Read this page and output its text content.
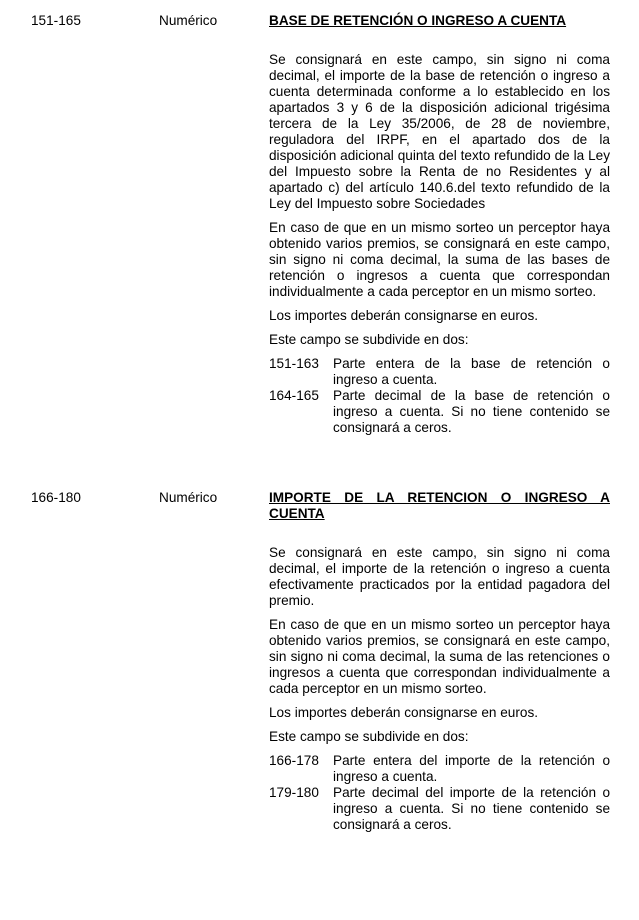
151-165	Numérico	BASE DE RETENCIÓN O INGRESO A CUENTA

Se consignará en este campo, sin signo ni coma decimal, el importe de la base de retención o ingreso a cuenta determinada conforme a lo establecido en los apartados 3 y 6 de la disposición adicional trigésima tercera de la Ley 35/2006, de 28 de noviembre, reguladora del IRPF, en el apartado dos de la disposición adicional quinta del texto refundido de la Ley del Impuesto sobre la Renta de no Residentes y al apartado c) del artículo 140.6.del texto refundido de la Ley del Impuesto sobre Sociedades

En caso de que en un mismo sorteo un perceptor haya obtenido varios premios, se consignará en este campo, sin signo ni coma decimal, la suma de las bases de retención o ingresos a cuenta que correspondan individualmente a cada perceptor en un mismo sorteo.

Los importes deberán consignarse en euros.

Este campo se subdivide en dos:

151-163 Parte entera de la base de retención o ingreso a cuenta.
164-165 Parte decimal de la base de retención o ingreso a cuenta. Si no tiene contenido se consignará a ceros.
166-180	Numérico	IMPORTE DE LA RETENCION O INGRESO A CUENTA

Se consignará en este campo, sin signo ni coma decimal, el importe de la retención o ingreso a cuenta efectivamente practicados por la entidad pagadora del premio.

En caso de que en un mismo sorteo un perceptor haya obtenido varios premios, se consignará en este campo, sin signo ni coma decimal, la suma de las retenciones o ingresos a cuenta que correspondan individualmente a cada perceptor en un mismo sorteo.

Los importes deberán consignarse en euros.

Este campo se subdivide en dos:

166-178 Parte entera del importe de la retención o ingreso a cuenta.
179-180 Parte decimal del importe de la retención o ingreso a cuenta. Si no tiene contenido se consignará a ceros.
